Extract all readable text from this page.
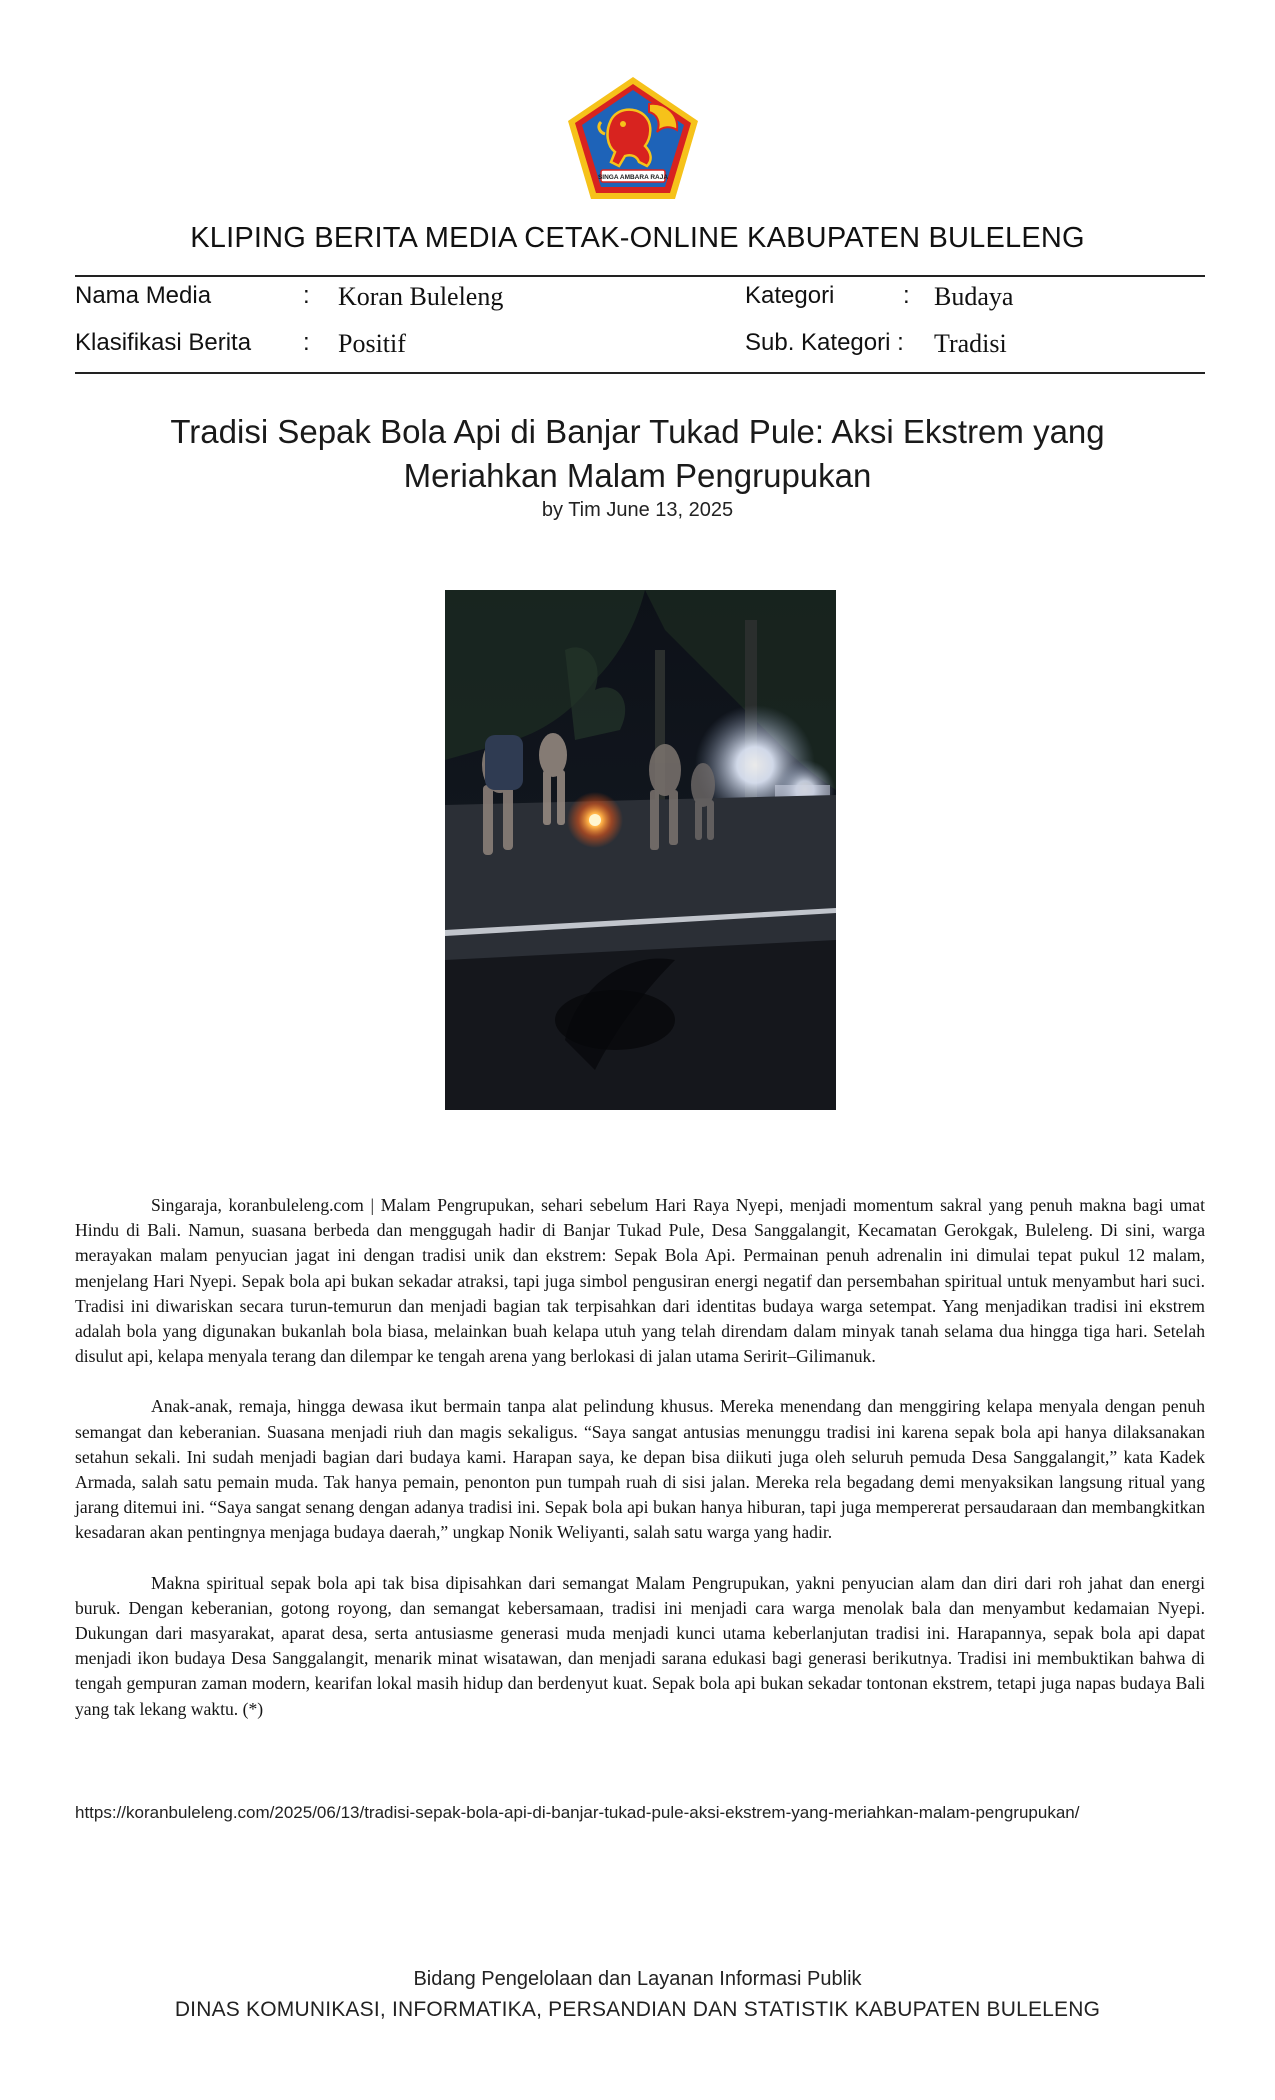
SINGA AMBARA RAJA
KLIPING BERITA MEDIA CETAK-ONLINE KABUPATEN BULELENG
Nama Media	: Koran Buleleng	Kategori	: Budaya
Klasifikasi Berita : Positif	Sub. Kategori : Tradisi
Tradisi Sepak Bola Api di Banjar Tukad Pule: Aksi Ekstrem yang
Meriahkan Malam Pengrupukan
by Tim June 13, 2025

Singaraja, koranbuleleng.com | Malam Pengrupukan, sehari sebelum Hari Raya Nyepi, menjadi momentum sakral yang penuh makna bagi umat Hindu di Bali. Namun, suasana berbeda dan menggugah hadir di Banjar Tukad Pule, Desa Sanggalangit, Kecamatan Gerokgak, Buleleng. Di sini, warga merayakan malam penyucian jagat ini dengan tradisi unik dan ekstrem: Sepak Bola Api. Permainan penuh adrenalin ini dimulai tepat pukul 12 malam, menjelang Hari Nyepi. Sepak bola api bukan sekadar atraksi, tapi juga simbol pengusiran energi negatif dan persembahan spiritual untuk menyambut hari suci. Tradisi ini diwariskan secara turun-temurun dan menjadi bagian tak terpisahkan dari identitas budaya warga setempat. Yang menjadikan tradisi ini ekstrem adalah bola yang digunakan bukanlah bola biasa, melainkan buah kelapa utuh yang telah direndam dalam minyak tanah selama dua hingga tiga hari. Setelah disulut api, kelapa menyala terang dan dilempar ke tengah arena yang berlokasi di jalan utama Seririt–Gilimanuk.

Anak-anak, remaja, hingga dewasa ikut bermain tanpa alat pelindung khusus. Mereka menendang dan menggiring kelapa menyala dengan penuh semangat dan keberanian. Suasana menjadi riuh dan magis sekaligus. “Saya sangat antusias menunggu tradisi ini karena sepak bola api hanya dilaksanakan setahun sekali. Ini sudah menjadi bagian dari budaya kami. Harapan saya, ke depan bisa diikuti juga oleh seluruh pemuda Desa Sanggalangit,” kata Kadek Armada, salah satu pemain muda. Tak hanya pemain, penonton pun tumpah ruah di sisi jalan. Mereka rela begadang demi menyaksikan langsung ritual yang jarang ditemui ini. “Saya sangat senang dengan adanya tradisi ini. Sepak bola api bukan hanya hiburan, tapi juga mempererat persaudaraan dan membangkitkan kesadaran akan pentingnya menjaga budaya daerah,” ungkap Nonik Weliyanti, salah satu warga yang hadir.

Makna spiritual sepak bola api tak bisa dipisahkan dari semangat Malam Pengrupukan, yakni penyucian alam dan diri dari roh jahat dan energi buruk. Dengan keberanian, gotong royong, dan semangat kebersamaan, tradisi ini menjadi cara warga menolak bala dan menyambut kedamaian Nyepi. Dukungan dari masyarakat, aparat desa, serta antusiasme generasi muda menjadi kunci utama keberlanjutan tradisi ini. Harapannya, sepak bola api dapat menjadi ikon budaya Desa Sanggalangit, menarik minat wisatawan, dan menjadi sarana edukasi bagi generasi berikutnya. Tradisi ini membuktikan bahwa di tengah gempuran zaman modern, kearifan lokal masih hidup dan berdenyut kuat. Sepak bola api bukan sekadar tontonan ekstrem, tetapi juga napas budaya Bali yang tak lekang waktu. (*)

https://koranbuleleng.com/2025/06/13/tradisi-sepak-bola-api-di-banjar-tukad-pule-aksi-ekstrem-yang-meriahkan-malam-pengrupukan/
Bidang Pengelolaan dan Layanan Informasi Publik
DINAS KOMUNIKASI, INFORMATIKA, PERSANDIAN DAN STATISTIK KABUPATEN BULELENG
